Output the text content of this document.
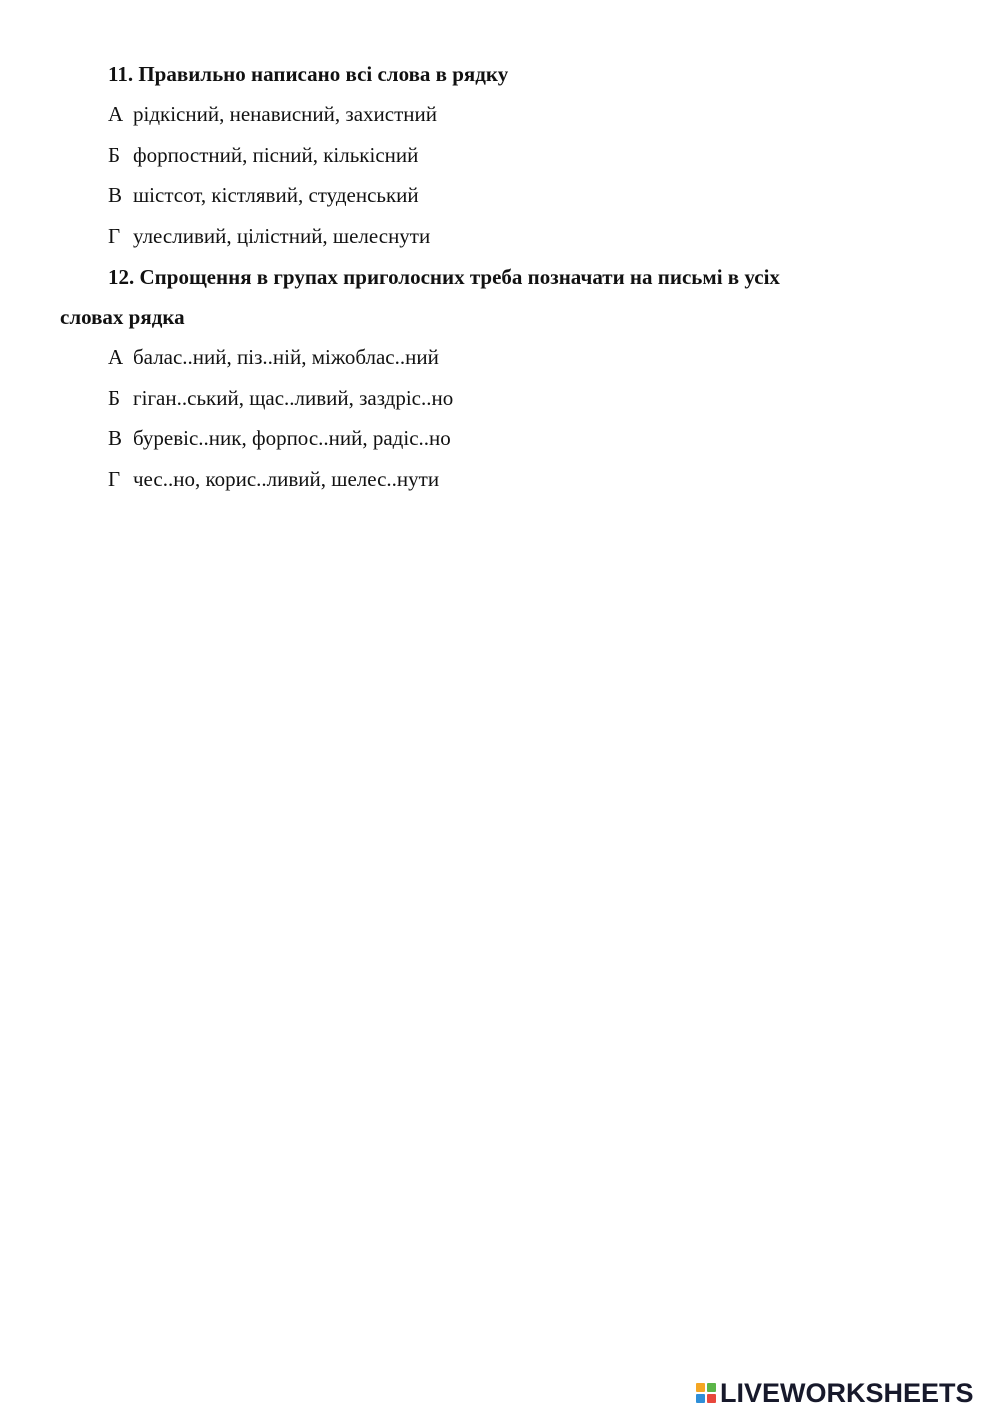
11. Правильно написано всі слова в рядку
А рідкісний, ненависний, захистний
Б форпостний, пісний, кількісний
В шістсот, кістлявий, студенський
Г улесливий, цілістний, шелеснути
12. Спрощення в групах приголосних треба позначати на письмі в усіх
словах рядка
А балас..ний, піз..ній, міжоблас..ний
Б гіган..ський, щас..ливий, заздріс..но
В буревіс..ник, форпос..ний, радіс..но
Г чес..но, корис..ливий, шелес..нути
LIVEWORKSHEETS
